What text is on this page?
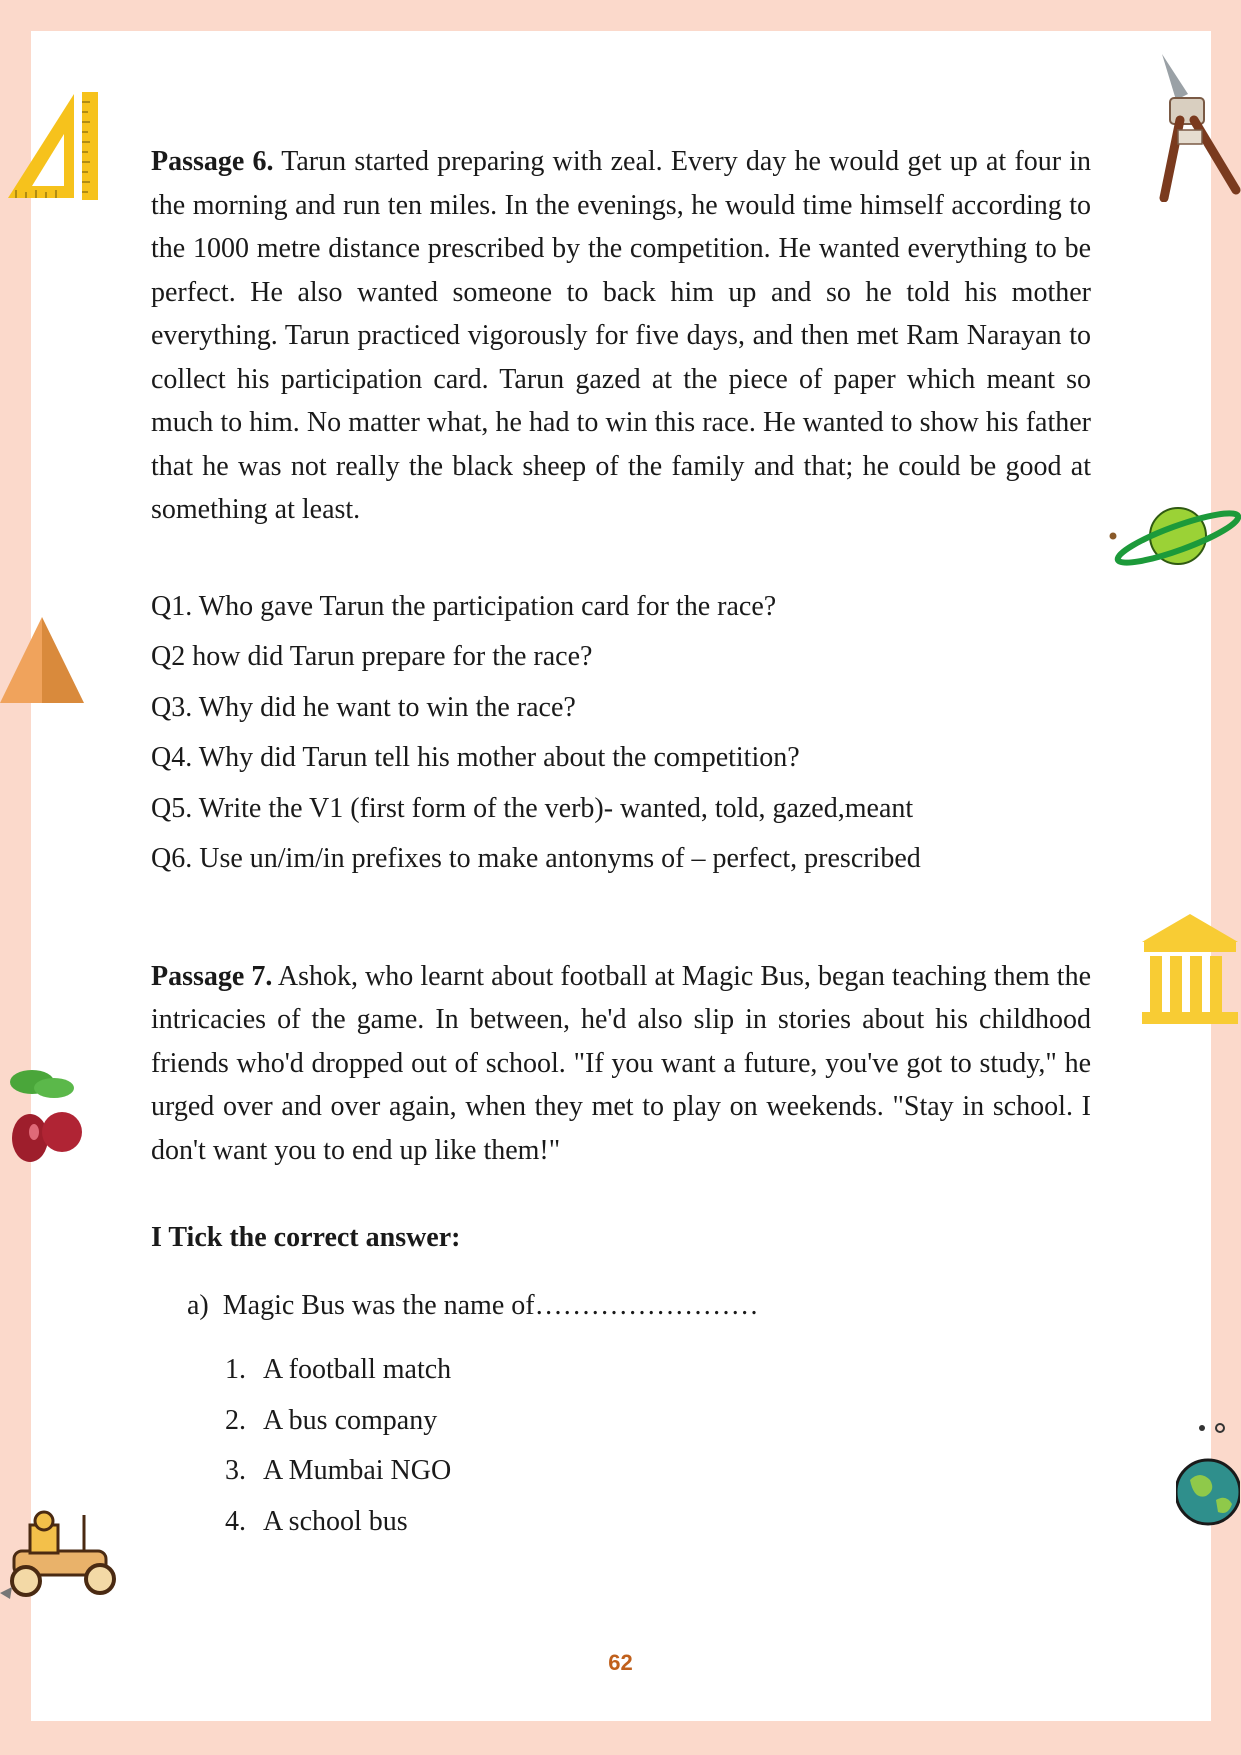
Passage 6. Tarun started preparing with zeal. Every day he would get up at four in the morning and run ten miles. In the evenings, he would time himself according to the 1000 metre distance prescribed by the competition. He wanted everything to be perfect. He also wanted someone to back him up and so he told his mother everything. Tarun practiced vigorously for five days, and then met Ram Narayan to collect his participation card. Tarun gazed at the piece of paper which meant so much to him. No matter what, he had to win this race. He wanted to show his father that he was not really the black sheep of the family and that; he could be good at something at least.

Q1. Who gave Tarun the participation card for the race?
Q2 how did Tarun prepare for the race?
Q3. Why did he want to win the race?
Q4. Why did Tarun tell his mother about the competition?
Q5. Write the V1 (first form of the verb)- wanted, told, gazed,meant
Q6. Use un/im/in prefixes to make antonyms of – perfect, prescribed

Passage 7. Ashok, who learnt about football at Magic Bus, began teaching them the intricacies of the game. In between, he'd also slip in stories about his childhood friends who'd dropped out of school. "If you want a future, you've got to study," he urged over and over again, when they met to play on weekends. "Stay in school. I don't want you to end up like them!"

I Tick the correct answer:
a) Magic Bus was the name of……………………
1. A football match
2. A bus company
3. A Mumbai NGO
4. A school bus
62
